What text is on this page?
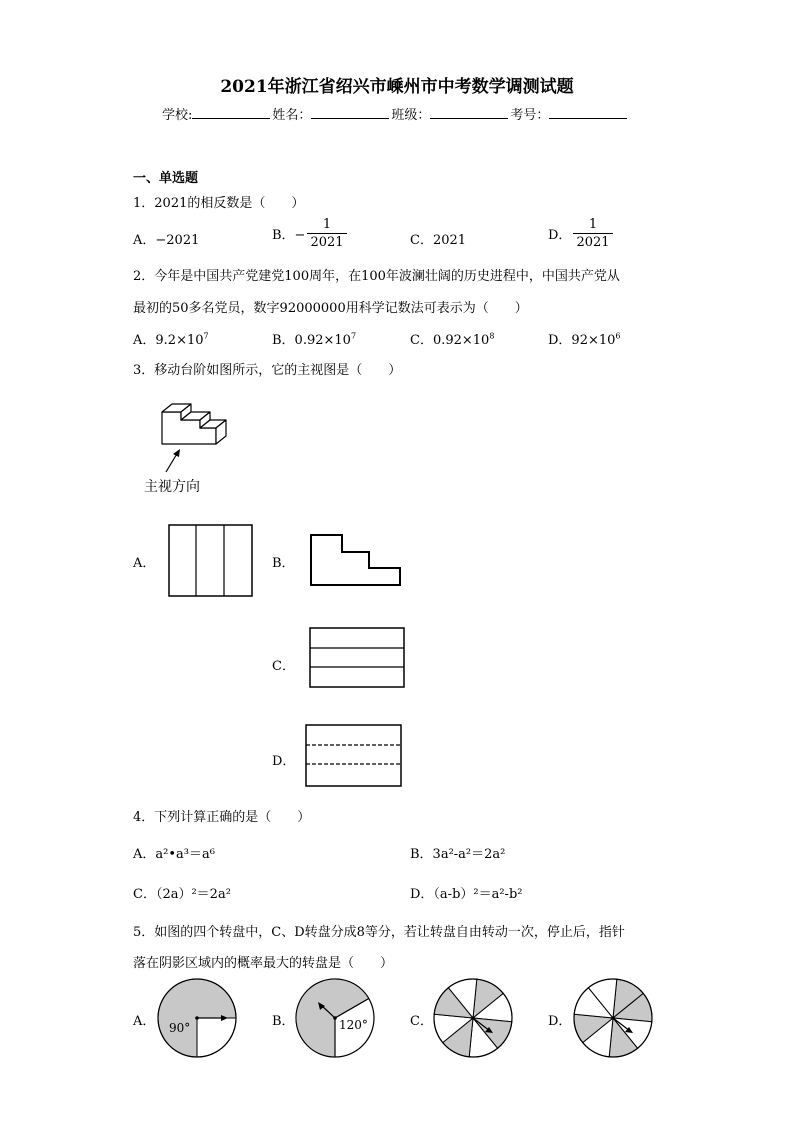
2021年浙江省绍兴市嵊州市中考数学调测试题
学校:	姓名：	班级：	考号：
一、单选题
1．2021的相反数是（　　）
A．−2021	B．− $\frac{1}{2021}$	C．2021	D． $\frac{1}{2021}$
2．今年是中国共产党建党100周年，在100年波澜壮阔的历史进程中，中国共产党从
最初的50多名党员，数字92000000用科学记数法可表示为（　　）
A．$9.2\times 10^7$	B．$0.92\times 10^7$	C．$0.92\times 10^8$	D．$92\times 10^6$
3．移动台阶如图所示，它的主视图是（　　）
主视方向
A．	B．
C．
D．
4．下列计算正确的是（　　）
A．a²•a³＝a⁶	B．3a²-a²＝2a²
C．（2a）²＝2a²	D．（a-b）²＝a²-b²
5．如图的四个转盘中，C、D转盘分成8等分，若让转盘自由转动一次，停止后，指针
落在阴影区域内的概率最大的转盘是（　　）
A． 90°	B．	120°	C．	D．
